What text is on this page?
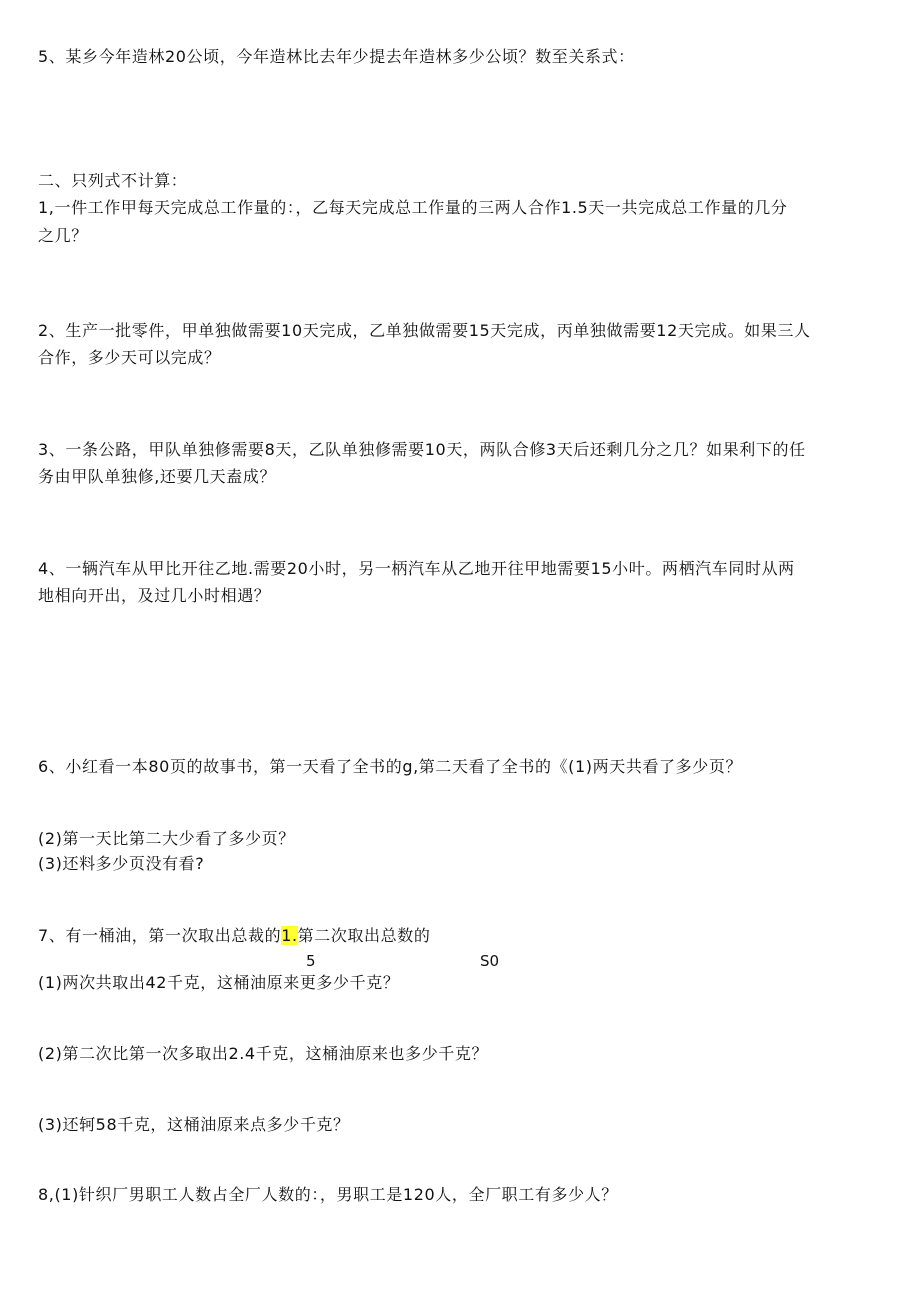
5、某乡今年造林20公顷，今年造林比去年少提去年造林多少公顷？数至关系式：
二、只列式不计算：
1,一件工作甲每天完成总工作量的：，乙每天完成总工作量的三两人合作1.5天一共完成总工作量的几分
之几？
2、生产一批零件，甲单独做需要10天完成，乙单独做需要15天完成，丙单独做需要12天完成。如果三人
合作，多少天可以完成？
3、一条公路，甲队单独修需要8天，乙队单独修需要10天，两队合修3天后还剩几分之几？如果利下的任
务由甲队单独修,还要几天盍成？
4、一辆汽车从甲比开往乙地.需要20小时，另一柄汽车从乙地开往甲地需要15小叶。两栖汽车同时从两
地相向开出，及过几小时相遇？
6、小红看一本80页的故事书，第一天看了全书的g,第二天看了全书的《(1)两天共看了多少页？
(2)第一天比第二大少看了多少页？
(3)还料多少页没有看?
7、有一桶油，第一次取出总裁的1.第二次取出总数的
5	S0
(1)两次共取出42千克，这桶油原来更多少千克？
(2)第二次比第一次多取出2.4千克，这桶油原来也多少千克？
(3)还轲58千克，这桶油原来点多少千克？
8,(1)针织厂男职工人数占全厂人数的：，男职工是120人，全厂职工有多少人？
